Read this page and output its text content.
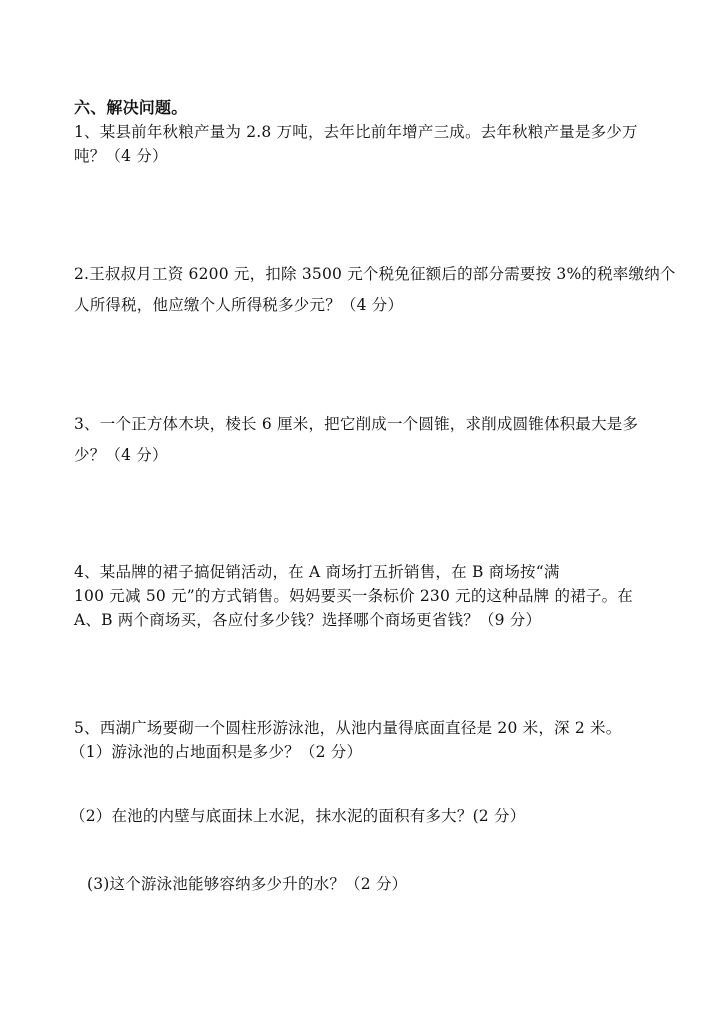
六、解决问题。
1、某县前年秋粮产量为 2.8 万吨，去年比前年增产三成。去年秋粮产量是多少万
吨？（4 分）
2.王叔叔月工资 6200 元，扣除 3500 元个税免征额后的部分需要按 3%的税率缴纳个
人所得税，他应缴个人所得税多少元？（4 分）
3、一个正方体木块，棱长 6 厘米，把它削成一个圆锥，求削成圆锥体积最大是多
少？（4 分）
4、某品牌的裙子搞促销活动，在 A 商场打五折销售，在 B 商场按“满
100 元减 50 元”的方式销售。妈妈要买一条标价 230 元的这种品牌 的裙子。在
A、B 两个商场买，各应付多少钱？选择哪个商场更省钱？（9 分）
5、西湖广场要砌一个圆柱形游泳池，从池内量得底面直径是 20 米，深 2 米。
（1）游泳池的占地面积是多少？（2 分）
（2）在池的内壁与底面抹上水泥，抹水泥的面积有多大？(2 分）
(3)这个游泳池能够容纳多少升的水？（2 分）
